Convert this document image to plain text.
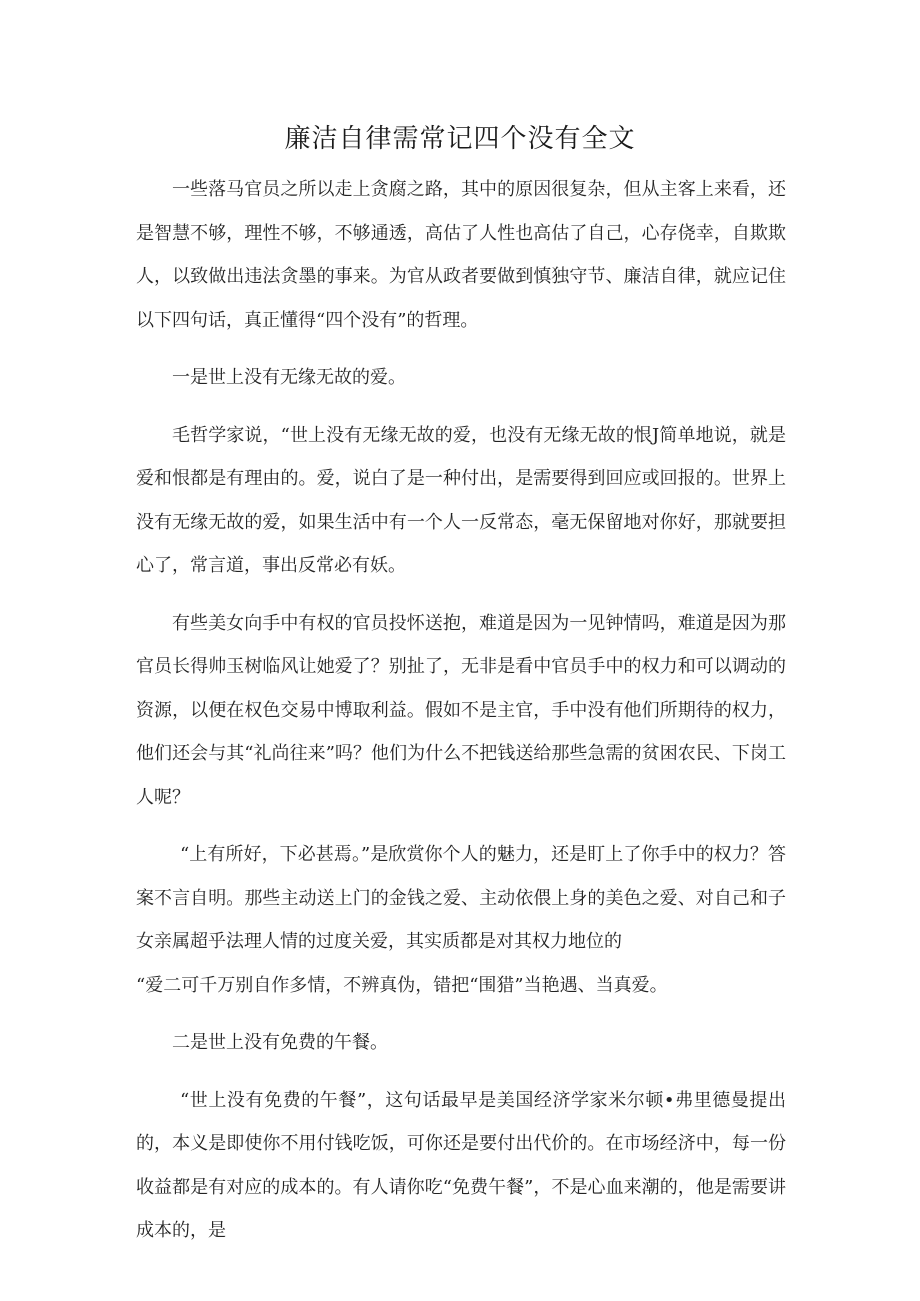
廉洁自律需常记四个没有全文

一些落马官员之所以走上贪腐之路，其中的原因很复杂，但从主客上来看，还是智慧不够，理性不够，不够通透，高估了人性也高估了自己，心存侥幸，自欺欺人，以致做出违法贪墨的事来。为官从政者要做到慎独守节、廉洁自律，就应记住以下四句话，真正懂得“四个没有”的哲理。

一是世上没有无缘无故的爱。

毛哲学家说，“世上没有无缘无故的爱，也没有无缘无故的恨J简单地说，就是爱和恨都是有理由的。爱，说白了是一种付出，是需要得到回应或回报的。世界上没有无缘无故的爱，如果生活中有一个人一反常态，毫无保留地对你好，那就要担心了，常言道，事出反常必有妖。

有些美女向手中有权的官员投怀送抱，难道是因为一见钟情吗，难道是因为那官员长得帅玉树临风让她爱了？别扯了，无非是看中官员手中的权力和可以调动的资源，以便在权色交易中博取利益。假如不是主官，手中没有他们所期待的权力，他们还会与其“礼尚往来”吗？他们为什么不把钱送给那些急需的贫困农民、下岗工人呢？

“上有所好，下必甚焉。”是欣赏你个人的魅力，还是盯上了你手中的权力？答案不言自明。那些主动送上门的金钱之爱、主动依偎上身的美色之爱、对自己和子女亲属超乎法理人情的过度关爱，其实质都是对其权力地位的

“爱二可千万别自作多情，不辨真伪，错把“围猎”当艳遇、当真爱。

二是世上没有免费的午餐。

“世上没有免费的午餐”，这句话最早是美国经济学家米尔顿•弗里德曼提出的，本义是即使你不用付钱吃饭，可你还是要付出代价的。在市场经济中，每一份收益都是有对应的成本的。有人请你吃“免费午餐”，不是心血来潮的，他是需要讲成本的，是
